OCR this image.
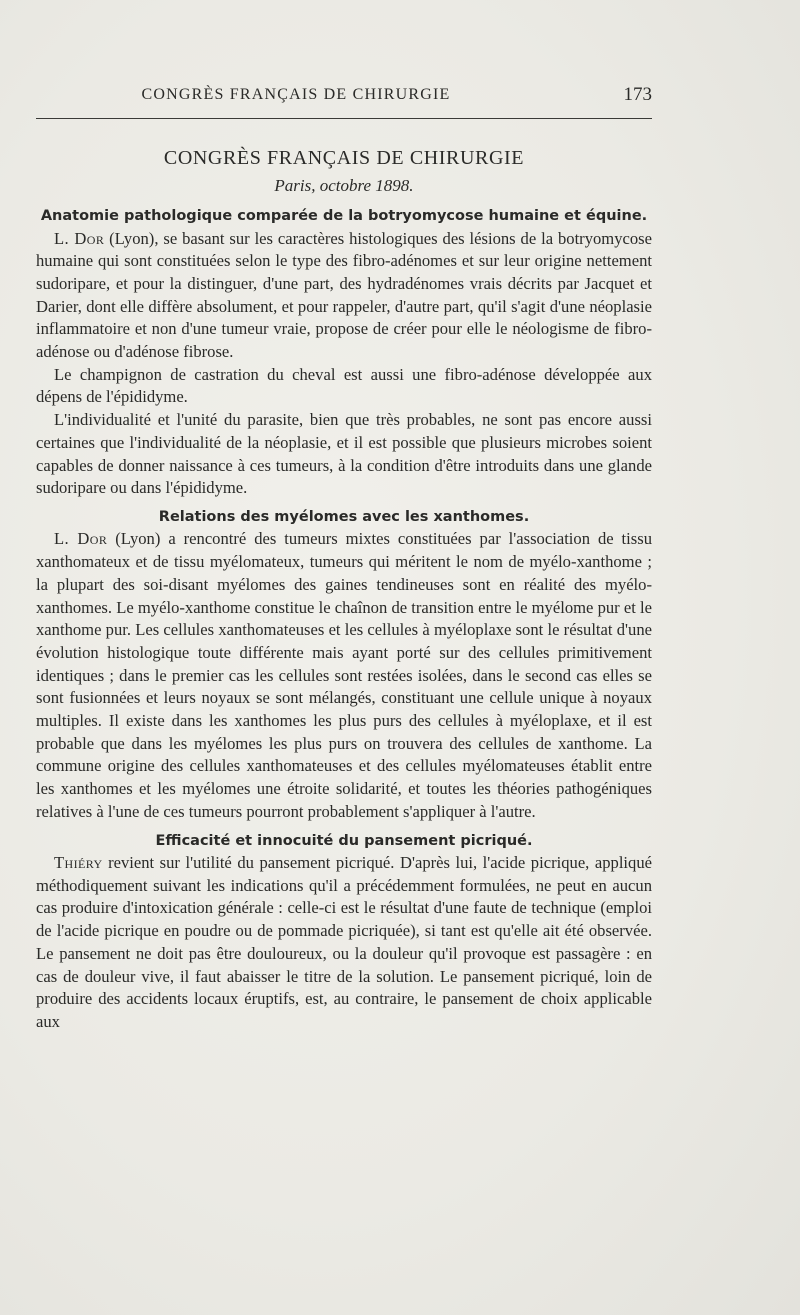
CONGRÈS FRANÇAIS DE CHIRURGIE	173
CONGRÈS FRANÇAIS DE CHIRURGIE
Paris, octobre 1898.
Anatomie pathologique comparée de la botryomycose humaine et équine.

L. Dor (Lyon), se basant sur les caractères histologiques des lésions de la botryomycose humaine qui sont constituées selon le type des fibro-adénomes et sur leur origine nettement sudoripare, et pour la distinguer, d'une part, des hydradénomes vrais décrits par Jacquet et Darier, dont elle diffère absolument, et pour rappeler, d'autre part, qu'il s'agit d'une néoplasie inflammatoire et non d'une tumeur vraie, propose de créer pour elle le néologisme de fibro-adénose ou d'adénose fibrose.

Le champignon de castration du cheval est aussi une fibro-adénose développée aux dépens de l'épididyme.

L'individualité et l'unité du parasite, bien que très probables, ne sont pas encore aussi certaines que l'individualité de la néoplasie, et il est possible que plusieurs microbes soient capables de donner naissance à ces tumeurs, à la condition d'être introduits dans une glande sudoripare ou dans l'épididyme.

Relations des myélomes avec les xanthomes.

L. Dor (Lyon) a rencontré des tumeurs mixtes constituées par l'association de tissu xanthomateux et de tissu myélomateux, tumeurs qui méritent le nom de myélo-xanthome ; la plupart des soi-disant myélomes des gaines tendineuses sont en réalité des myélo-xanthomes. Le myélo-xanthome constitue le chaînon de transition entre le myélome pur et le xanthome pur. Les cellules xanthomateuses et les cellules à myéloplaxe sont le résultat d'une évolution histologique toute différente mais ayant porté sur des cellules primitivement identiques ; dans le premier cas les cellules sont restées isolées, dans le second cas elles se sont fusionnées et leurs noyaux se sont mélangés, constituant une cellule unique à noyaux multiples. Il existe dans les xanthomes les plus purs des cellules à myéloplaxe, et il est probable que dans les myélomes les plus purs on trouvera des cellules de xanthome. La commune origine des cellules xanthomateuses et des cellules myélomateuses établit entre les xanthomes et les myélomes une étroite solidarité, et toutes les théories pathogéniques relatives à l'une de ces tumeurs pourront probablement s'appliquer à l'autre.

Efficacité et innocuité du pansement picriqué.

Thiéry revient sur l'utilité du pansement picriqué. D'après lui, l'acide picrique, appliqué méthodiquement suivant les indications qu'il a précédemment formulées, ne peut en aucun cas produire d'intoxication générale : celle-ci est le résultat d'une faute de technique (emploi de l'acide picrique en poudre ou de pommade picriquée), si tant est qu'elle ait été observée. Le pansement ne doit pas être douloureux, ou la douleur qu'il provoque est passagère : en cas de douleur vive, il faut abaisser le titre de la solution. Le pansement picriqué, loin de produire des accidents locaux éruptifs, est, au contraire, le pansement de choix applicable aux
